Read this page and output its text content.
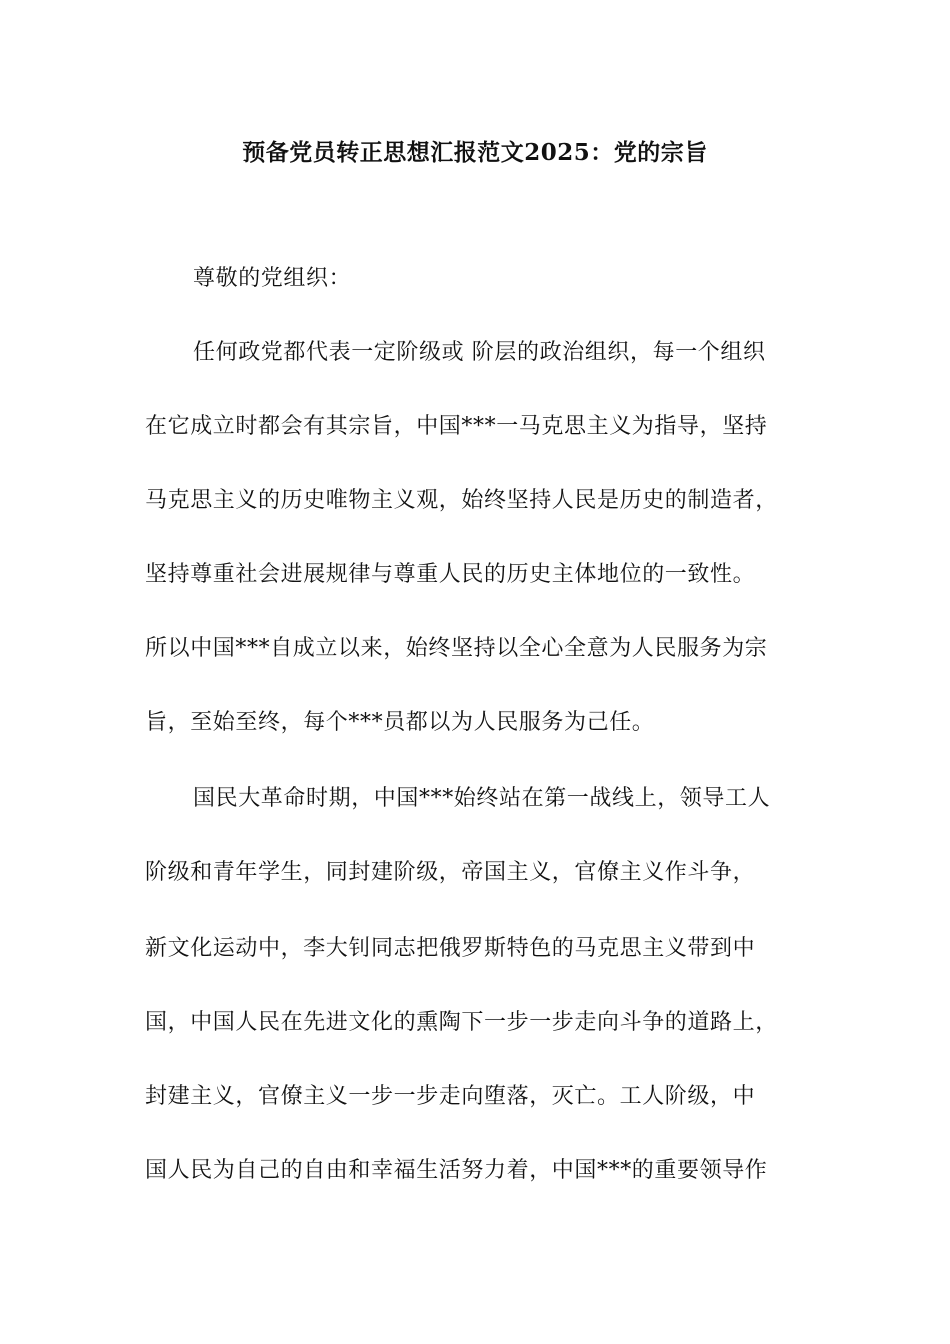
预备党员转正思想汇报范文2025：党的宗旨
尊敬的党组织：
任何政党都代表一定阶级或 阶层的政治组织，每一个组织
在它成立时都会有其宗旨，中国***一马克思主义为指导，坚持
马克思主义的历史唯物主义观，始终坚持人民是历史的制造者，
坚持尊重社会进展规律与尊重人民的历史主体地位的一致性。
所以中国***自成立以来，始终坚持以全心全意为人民服务为宗
旨，至始至终，每个***员都以为人民服务为己任。
国民大革命时期，中国***始终站在第一战线上，领导工人
阶级和青年学生，同封建阶级，帝国主义，官僚主义作斗争，
新文化运动中，李大钊同志把俄罗斯特色的马克思主义带到中
国，中国人民在先进文化的熏陶下一步一步走向斗争的道路上，
封建主义，官僚主义一步一步走向堕落，灭亡。工人阶级，中
国人民为自己的自由和幸福生活努力着，中国***的重要领导作
